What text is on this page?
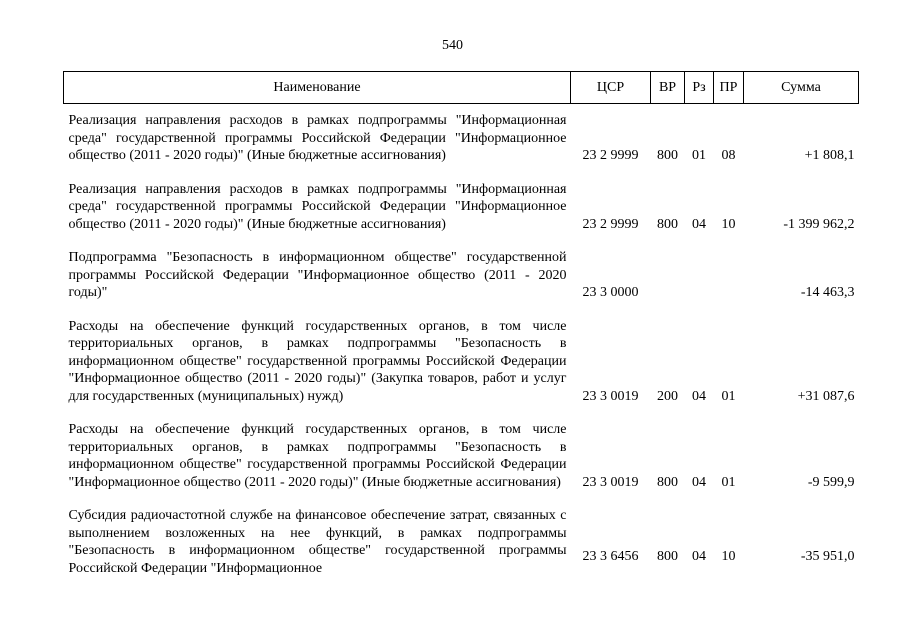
540
Наименование	ЦСР	ВР	Рз	ПР	Сумма
Реализация направления расходов в рамках подпрограммы "Информационная среда" государственной программы Российской Федерации "Информационное общество (2011 - 2020 годы)" (Иные бюджетные ассигнования)	23 2 9999	800	01	08	+1 808,1
Реализация направления расходов в рамках подпрограммы "Информационная среда" государственной программы Российской Федерации "Информационное общество (2011 - 2020 годы)" (Иные бюджетные ассигнования)	23 2 9999	800	04	10	-1 399 962,2
Подпрограмма "Безопасность в информационном обществе" государственной программы Российской Федерации "Информационное общество (2011 - 2020 годы)"	23 3 0000				-14 463,3
Расходы на обеспечение функций государственных органов, в том числе территориальных органов, в рамках подпрограммы "Безопасность в информационном обществе" государственной программы Российской Федерации "Информационное общество (2011 - 2020 годы)" (Закупка товаров, работ и услуг для государственных (муниципальных) нужд)	23 3 0019	200	04	01	+31 087,6
Расходы на обеспечение функций государственных органов, в том числе территориальных органов, в рамках подпрограммы "Безопасность в информационном обществе" государственной программы Российской Федерации "Информационное общество (2011 - 2020 годы)" (Иные бюджетные ассигнования)	23 3 0019	800	04	01	-9 599,9
Субсидия радиочастотной службе на финансовое обеспечение затрат, связанных с выполнением возложенных на нее функций, в рамках подпрограммы "Безопасность в информационном обществе" государственной программы Российской Федерации "Информационное	23 3 6456	800	04	10	-35 951,0
